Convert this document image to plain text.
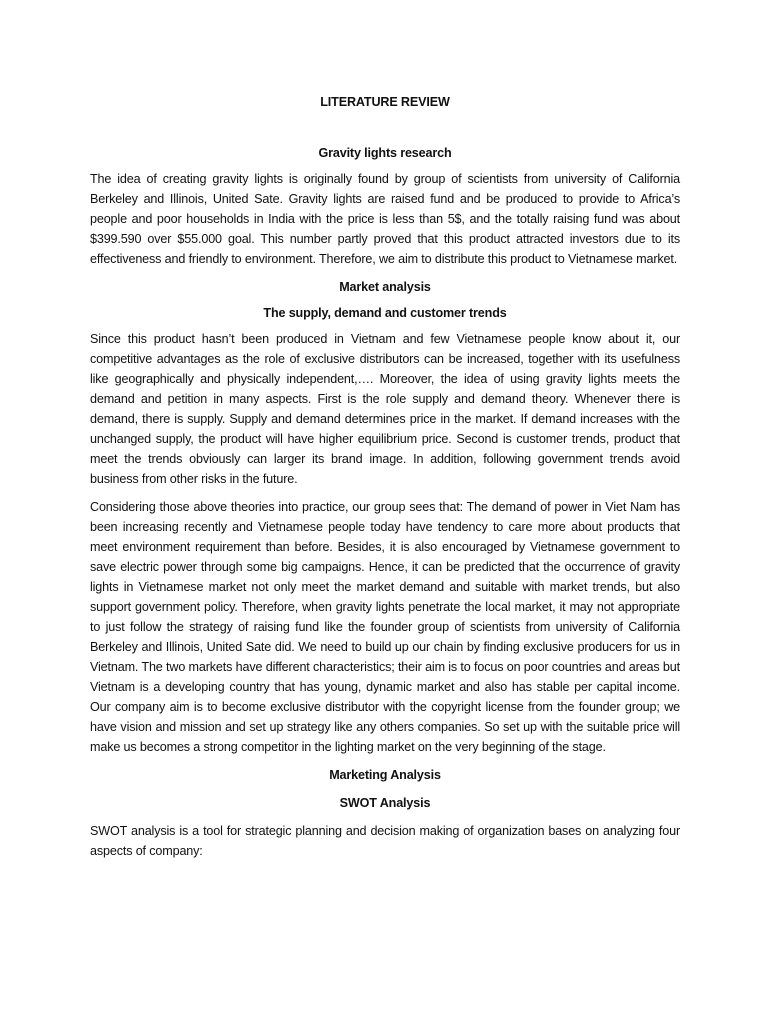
LITERATURE REVIEW
Gravity lights research

The idea of creating gravity lights is originally found by group of scientists from university of California Berkeley and Illinois, United Sate. Gravity lights are raised fund and be produced to provide to Africa’s people and poor households in India with the price is less than 5$, and the totally raising fund was about $399.590 over $55.000 goal. This number partly proved that this product attracted investors due to its effectiveness and friendly to environment. Therefore, we aim to distribute this product to Vietnamese market.

Market analysis
The supply, demand and customer trends

Since this product hasn’t been produced in Vietnam and few Vietnamese people know about it, our competitive advantages as the role of exclusive distributors can be increased, together with its usefulness like geographically and physically independent,…. Moreover, the idea of using gravity lights meets the demand and petition in many aspects. First is the role supply and demand theory. Whenever there is demand, there is supply. Supply and demand determines price in the market. If demand increases with the unchanged supply, the product will have higher equilibrium price. Second is customer trends, product that meet the trends obviously can larger its brand image. In addition, following government trends avoid business from other risks in the future.

Considering those above theories into practice, our group sees that: The demand of power in Viet Nam has been increasing recently and Vietnamese people today have tendency to care more about products that meet environment requirement than before. Besides, it is also encouraged by Vietnamese government to save electric power through some big campaigns. Hence, it can be predicted that the occurrence of gravity lights in Vietnamese market not only meet the market demand and suitable with market trends, but also support government policy. Therefore, when gravity lights penetrate the local market, it may not appropriate to just follow the strategy of raising fund like the founder group of scientists from university of California Berkeley and Illinois, United Sate did. We need to build up our chain by finding exclusive producers for us in Vietnam. The two markets have different characteristics; their aim is to focus on poor countries and areas but Vietnam is a developing country that has young, dynamic market and also has stable per capital income. Our company aim is to become exclusive distributor with the copyright license from the founder group; we have vision and mission and set up strategy like any others companies. So set up with the suitable price will make us becomes a strong competitor in the lighting market on the very beginning of the stage.

Marketing Analysis
SWOT Analysis

SWOT analysis is a tool for strategic planning and decision making of organization bases on analyzing four aspects of company:
